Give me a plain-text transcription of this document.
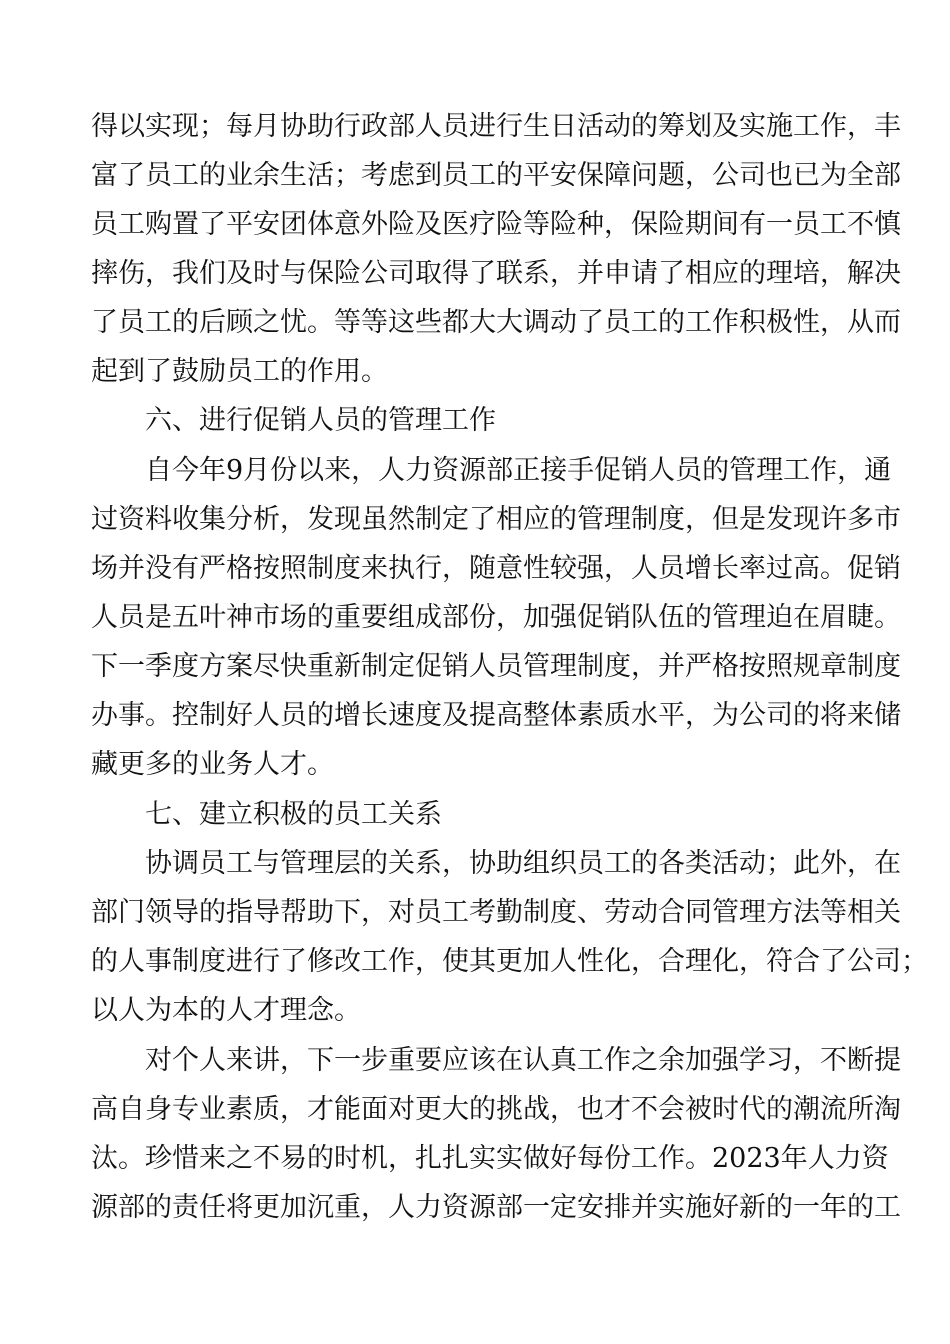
得以实现；每月协助行政部人员进行生日活动的筹划及实施工作，丰
富了员工的业余生活；考虑到员工的平安保障问题，公司也已为全部
员工购置了平安团体意外险及医疗险等险种，保险期间有一员工不慎
摔伤，我们及时与保险公司取得了联系，并申请了相应的理培，解决
了员工的后顾之忧。等等这些都大大调动了员工的工作积极性，从而
起到了鼓励员工的作用。
六、进行促销人员的管理工作
自今年9月份以来，人力资源部正接手促销人员的管理工作，通
过资料收集分析，发现虽然制定了相应的管理制度，但是发现许多市
场并没有严格按照制度来执行，随意性较强，人员增长率过高。促销
人员是五叶神市场的重要组成部份，加强促销队伍的管理迫在眉睫。
下一季度方案尽快重新制定促销人员管理制度，并严格按照规章制度
办事。控制好人员的增长速度及提高整体素质水平，为公司的将来储
藏更多的业务人才。
七、建立积极的员工关系
协调员工与管理层的关系，协助组织员工的各类活动；此外，在
部门领导的指导帮助下，对员工考勤制度、劳动合同管理方法等相关
的人事制度进行了修改工作，使其更加人性化，合理化，符合了公司；
以人为本的人才理念。
对个人来讲，下一步重要应该在认真工作之余加强学习，不断提
高自身专业素质，才能面对更大的挑战，也才不会被时代的潮流所淘
汰。珍惜来之不易的时机，扎扎实实做好每份工作。2023年人力资
源部的责任将更加沉重，人力资源部一定安排并实施好新的一年的工
